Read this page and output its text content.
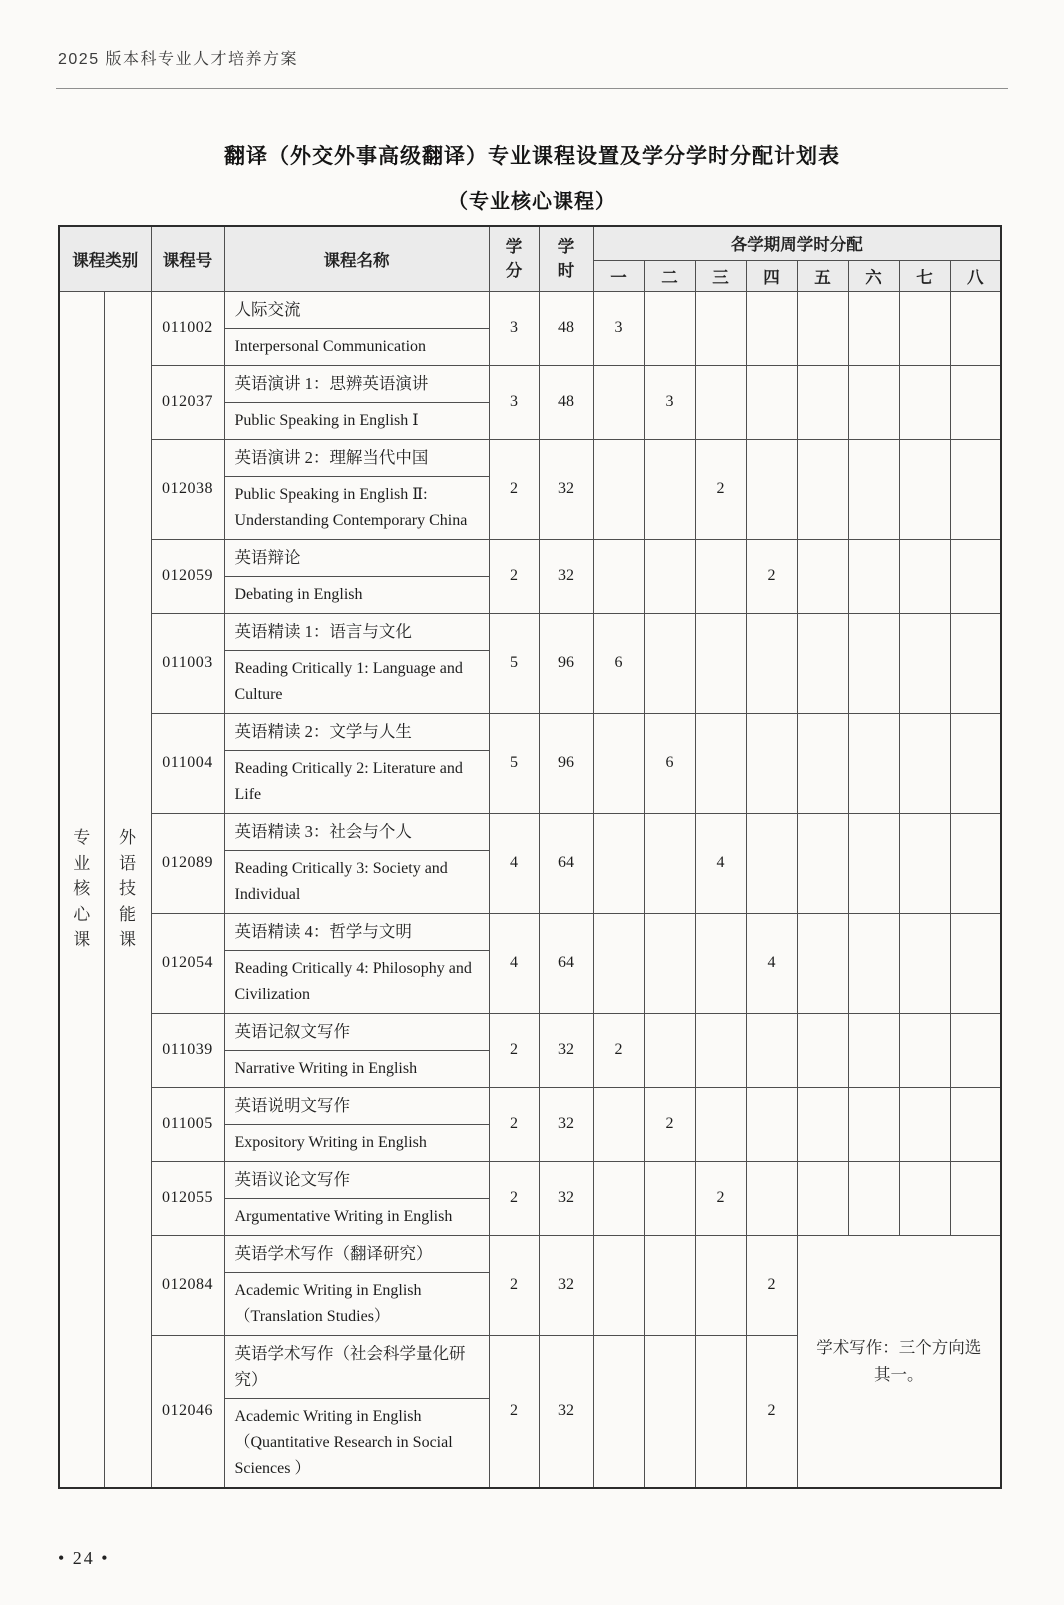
2025 版本科专业人才培养方案
翻译（外交外事高级翻译）专业课程设置及学分学时分配计划表
（专业核心课程）
课程类别		课程号	课程名称	学分	学时	各学期周学时分配							
						一	二	三	四	五	六	七	八

专业核心课	外语技能课	011002	人际交流
Interpersonal Communication	3	48	3							
		012037	英语演讲 1：思辨英语演讲
Public Speaking in English Ⅰ	3	48		3						
		012038	英语演讲 2：理解当代中国
Public Speaking in English Ⅱ: Understanding Contemporary China	2	32			2					
		012059	英语辩论
Debating in English	2	32				2				
		011003	英语精读 1：语言与文化
Reading Critically 1: Language and Culture	5	96	6							
		011004	英语精读 2：文学与人生
Reading Critically 2: Literature and Life	5	96		6						
		012089	英语精读 3：社会与个人
Reading Critically 3: Society and Individual	4	64			4					
		012054	英语精读 4：哲学与文明
Reading Critically 4: Philosophy and Civilization	4	64				4				
		011039	英语记叙文写作
Narrative Writing in English	2	32	2							
		011005	英语说明文写作
Expository Writing in English	2	32		2						
		012055	英语议论文写作
Argumentative Writing in English	2	32			2					
		012084	英语学术写作（翻译研究）
Academic Writing in English（Translation Studies）	2	32				2	学术写作：三个方向选其一。			
		012046	英语学术写作（社会科学量化研究）
Academic Writing in English（Quantitative Research in Social Sciences ）	2	32				2				
• 24 •
